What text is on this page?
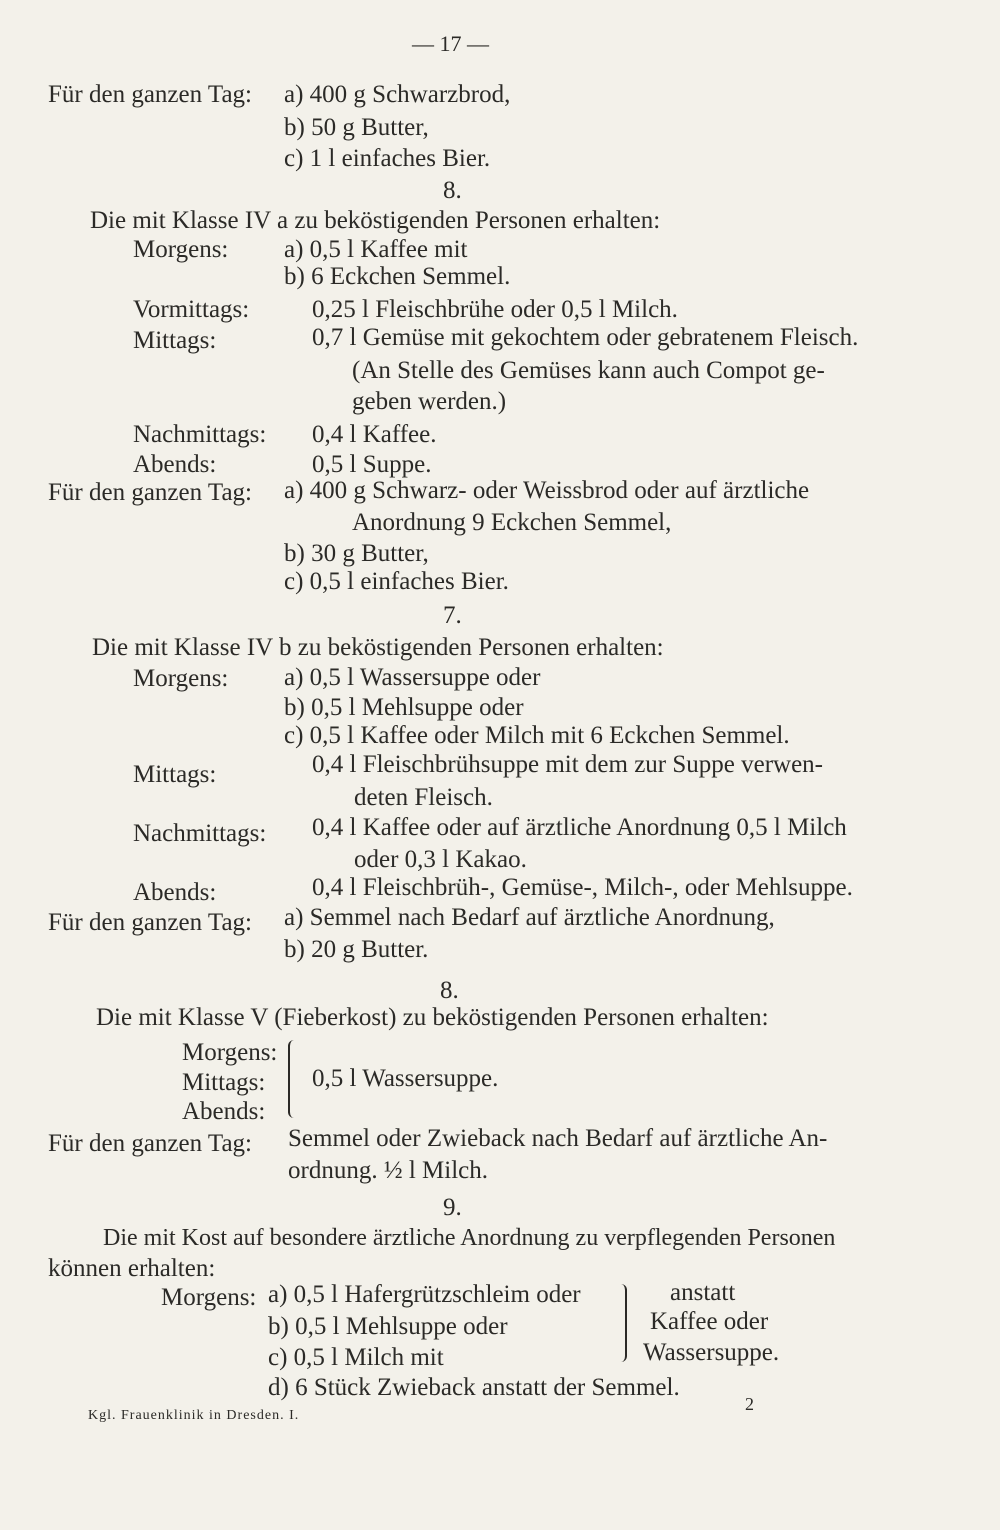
— 17 —
Für den ganzen Tag: a) 400 g Schwarzbrod,
b) 50 g Butter,
c) 1 l einfaches Bier.
8.
Die mit Klasse IV a zu beköstigenden Personen erhalten:
Morgens: a) 0,5 l Kaffee mit
b) 6 Eckchen Semmel.
Vormittags:	0,25 l Fleischbrühe oder 0,5 l Milch.
Mittags:	0,7 l Gemüse mit gekochtem oder gebratenem Fleisch.
(An Stelle des Gemüses kann auch Compot ge-
geben werden.)
Nachmittags: 0,4 l Kaffee.
Abends:	0,5 l Suppe.
Für den ganzen Tag: a) 400 g Schwarz- oder Weissbrod oder auf ärztliche
Anordnung 9 Eckchen Semmel,
b) 30 g Butter,
c) 0,5 l einfaches Bier.
7.
Die mit Klasse IV b zu beköstigenden Personen erhalten:
Morgens: a) 0,5 l Wassersuppe oder
b) 0,5 l Mehlsuppe oder
c) 0,5 l Kaffee oder Milch mit 6 Eckchen Semmel.
Mittags:	0,4 l Fleischbrühsuppe mit dem zur Suppe verwen-
deten Fleisch.
Nachmittags: 0,4 l Kaffee oder auf ärztliche Anordnung 0,5 l Milch
oder 0,3 l Kakao.
Abends:	0,4 l Fleischbrüh-, Gemüse-, Milch-, oder Mehlsuppe.
Für den ganzen Tag: a) Semmel nach Bedarf auf ärztliche Anordnung,
b) 20 g Butter.
8.
Die mit Klasse V (Fieberkost) zu beköstigenden Personen erhalten:
Morgens:
Mittags:
Abends:
0,5 l Wassersuppe.
Für den ganzen Tag: Semmel oder Zwieback nach Bedarf auf ärztliche An-
ordnung. ½ l Milch.
9.
Die mit Kost auf besondere ärztliche Anordnung zu verpflegenden Personen
können erhalten:
Morgens: a) 0,5 l Hafergrützschleim oder
b) 0,5 l Mehlsuppe oder
c) 0,5 l Milch mit
anstatt
Kaffee oder
Wassersuppe.
d) 6 Stück Zwieback anstatt der Semmel.
Kgl. Frauenklinik in Dresden. I.
2
